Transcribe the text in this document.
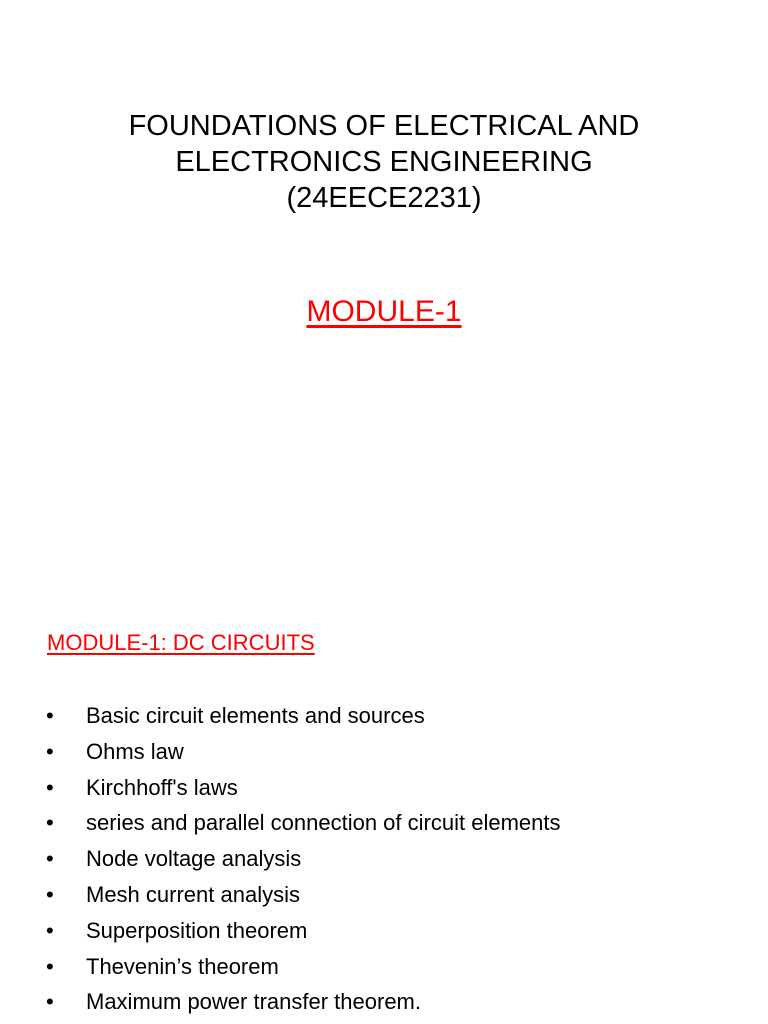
FOUNDATIONS OF ELECTRICAL AND
ELECTRONICS ENGINEERING
(24EECE2231)
MODULE-1
MODULE-1: DC CIRCUITS
• Basic circuit elements and sources
• Ohms law
• Kirchhoff's laws
• series and parallel connection of circuit elements
• Node voltage analysis
• Mesh current analysis
• Superposition theorem
• Thevenin’s theorem
• Maximum power transfer theorem.
